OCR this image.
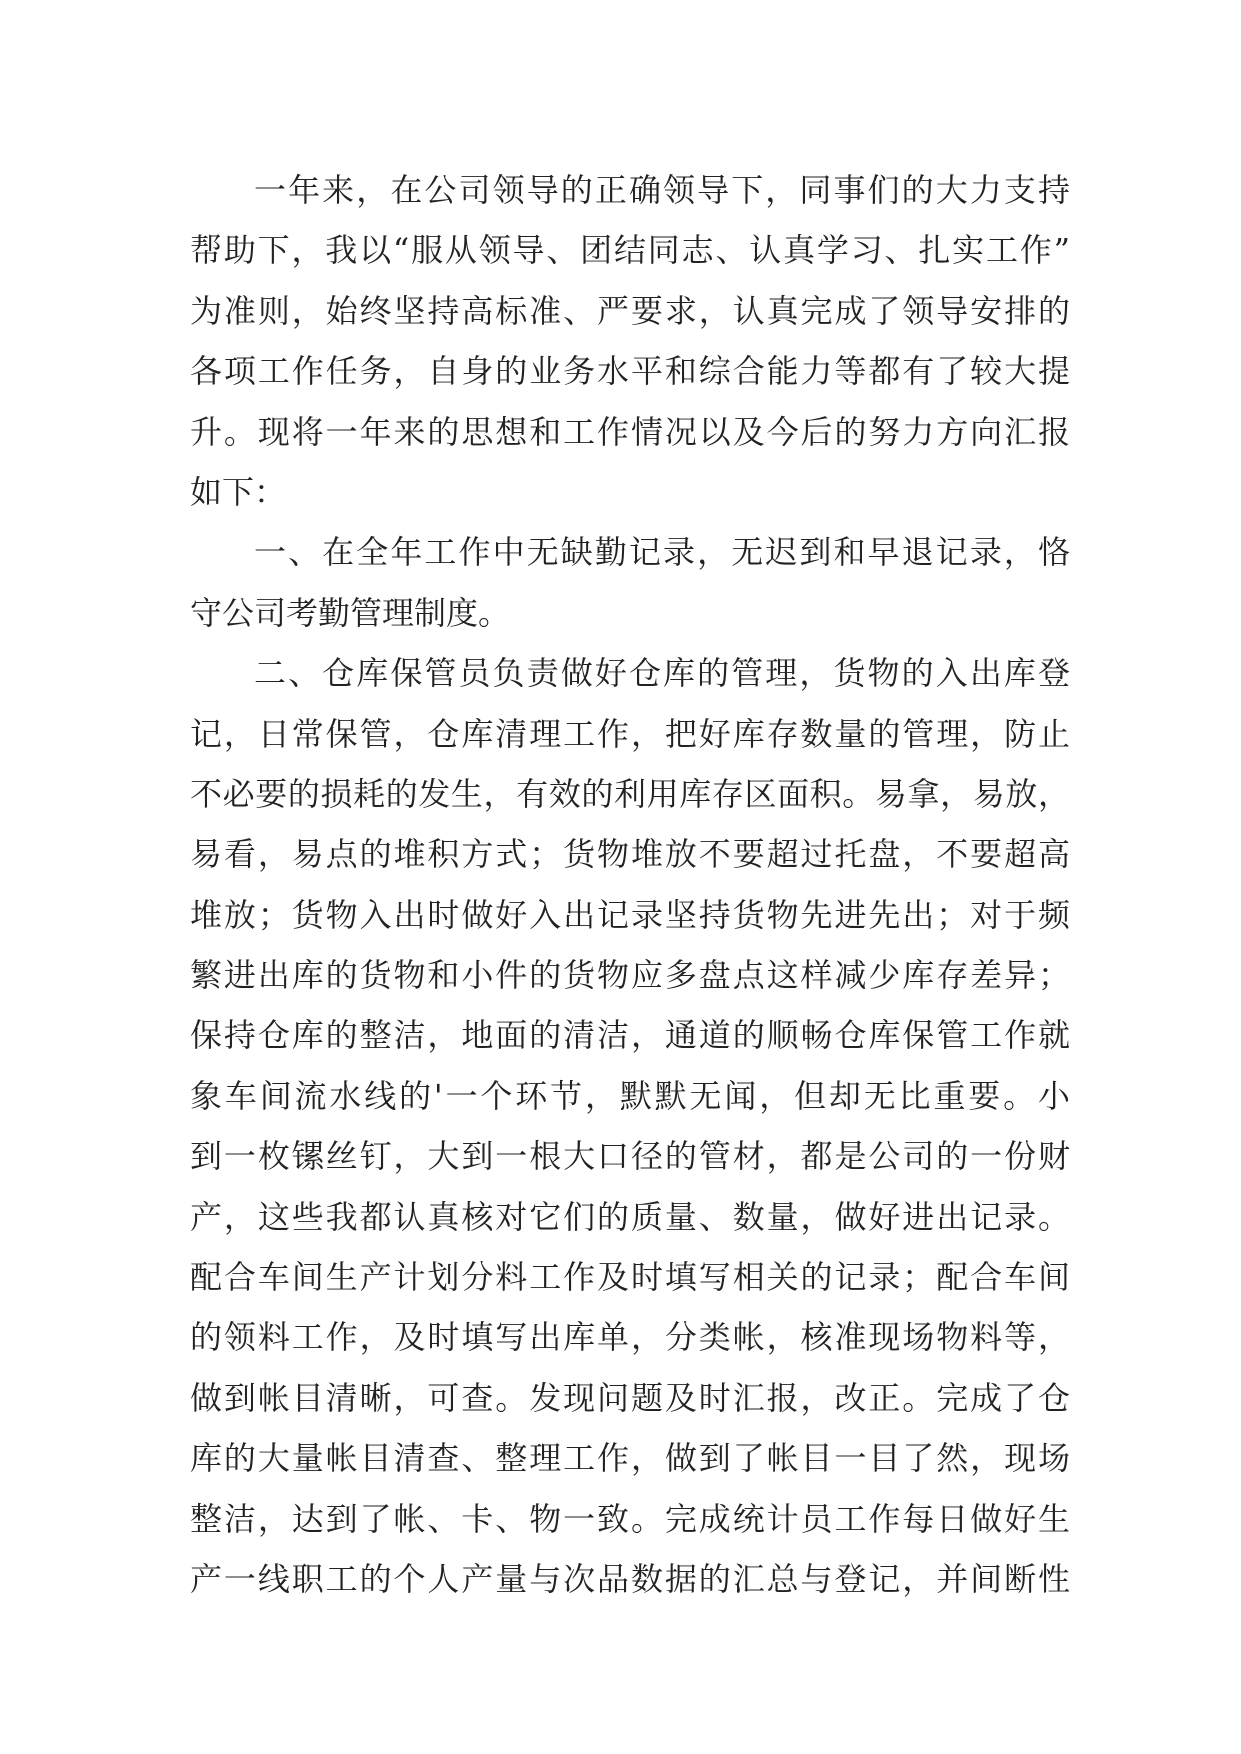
一年来，在公司领导的正确领导下，同事们的大力支持
帮助下，我以“服从领导、团结同志、认真学习、扎实工作”
为准则，始终坚持高标准、严要求，认真完成了领导安排的
各项工作任务，自身的业务水平和综合能力等都有了较大提
升。现将一年来的思想和工作情况以及今后的努力方向汇报
如下：
一、在全年工作中无缺勤记录，无迟到和早退记录，恪
守公司考勤管理制度。
二、仓库保管员负责做好仓库的管理，货物的入出库登
记，日常保管，仓库清理工作，把好库存数量的管理，防止
不必要的损耗的发生，有效的利用库存区面积。易拿，易放，
易看，易点的堆积方式；货物堆放不要超过托盘，不要超高
堆放；货物入出时做好入出记录坚持货物先进先出；对于频
繁进出库的货物和小件的货物应多盘点这样减少库存差异；
保持仓库的整洁，地面的清洁，通道的顺畅仓库保管工作就
象车间流水线的'一个环节，默默无闻，但却无比重要。小
到一枚镙丝钉，大到一根大口径的管材，都是公司的一份财
产，这些我都认真核对它们的质量、数量，做好进出记录。
配合车间生产计划分料工作及时填写相关的记录；配合车间
的领料工作，及时填写出库单，分类帐，核准现场物料等，
做到帐目清晰，可查。发现问题及时汇报，改正。完成了仓
库的大量帐目清查、整理工作，做到了帐目一目了然，现场
整洁，达到了帐、卡、物一致。完成统计员工作每日做好生
产一线职工的个人产量与次品数据的汇总与登记，并间断性
